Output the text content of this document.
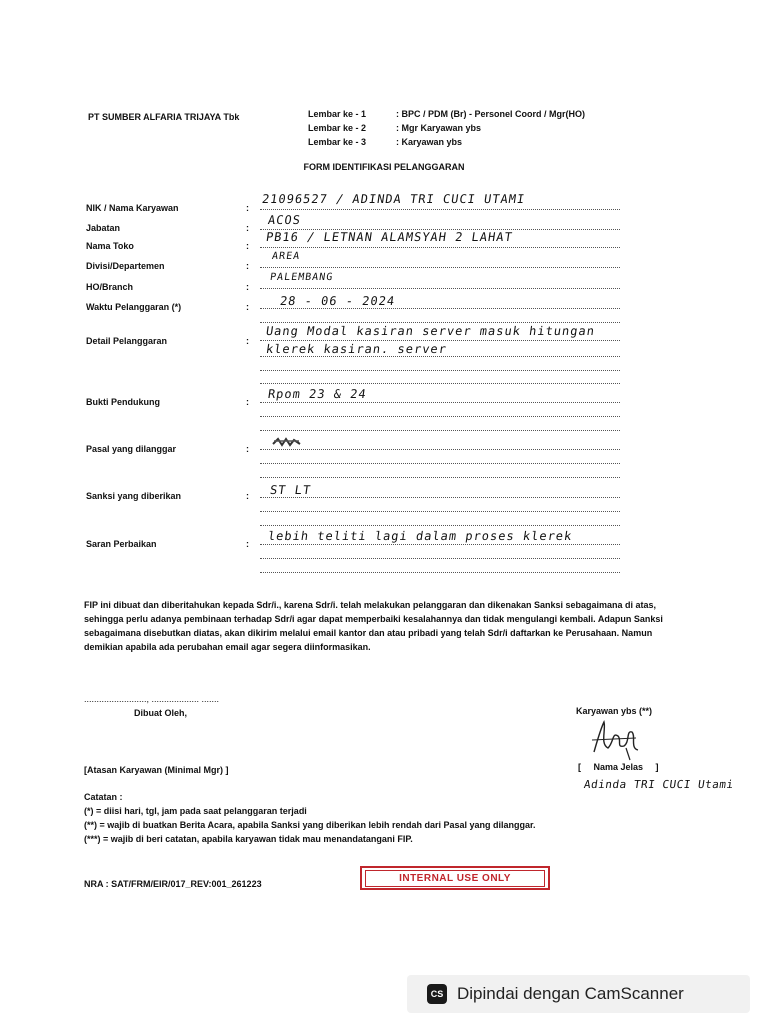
PT SUMBER ALFARIA TRIJAYA Tbk	Lembar ke - 1	: BPC / PDM (Br) - Personel Coord / Mgr(HO)
Lembar ke - 2	: Mgr Karyawan ybs
Lembar ke - 3	: Karyawan ybs
FORM IDENTIFIKASI PELANGGARAN
NIK / Nama Karyawan	:
21096527 / ADINDA TRI CUCI UTAMI
Jabatan	:
ACOS
Nama Toko	:
PB16 / LETNAN ALAMSYAH 2 LAHAT
Divisi/Departemen	:
AREA
HO/Branch	:
PALEMBANG
Waktu Pelanggaran (*)	:	28 - 06 - 2024
Detail Pelanggaran	:
Uang Modal kasiran server masuk hitungan
klerek kasiran. server
Bukti Pendukung	:
Rpom 23 & 24
Pasal yang dilanggar	:
Sanksi yang diberikan	: ST LT
Saran Perbaikan	:
lebih teliti lagi dalam proses klerek

FIP ini dibuat dan diberitahukan kepada Sdr/i., karena Sdr/i. telah melakukan pelanggaran dan dikenakan Sanksi sebagaimana di atas,

sehingga perlu adanya pembinaan terhadap Sdr/i agar dapat memperbaiki kesalahannya dan tidak mengulangi kembali. Adapun Sanksi

sebagaimana disebutkan diatas, akan dikirim melalui email kantor dan atau pribadi yang telah Sdr/i daftarkan ke Perusahaan. Namun

demikian apabila ada perubahan email agar segera diinformasikan.

........................., ................... .......
Dibuat Oleh,
[Atasan Karyawan (Minimal Mgr) ]
Karyawan ybs (**)
[     Nama Jelas     ]
Adinda TRI CUCI Utami
Catatan :
(*) = diisi hari, tgl, jam pada saat pelanggaran terjadi
(**) = wajib di buatkan Berita Acara, apabila Sanksi yang diberikan lebih rendah dari Pasal yang dilanggar.
(***) = wajib di beri catatan, apabila karyawan tidak mau menandatangani FIP.
NRA : SAT/FRM/EIR/017_REV:001_261223
INTERNAL USE ONLY
CS Dipindai dengan CamScanner
